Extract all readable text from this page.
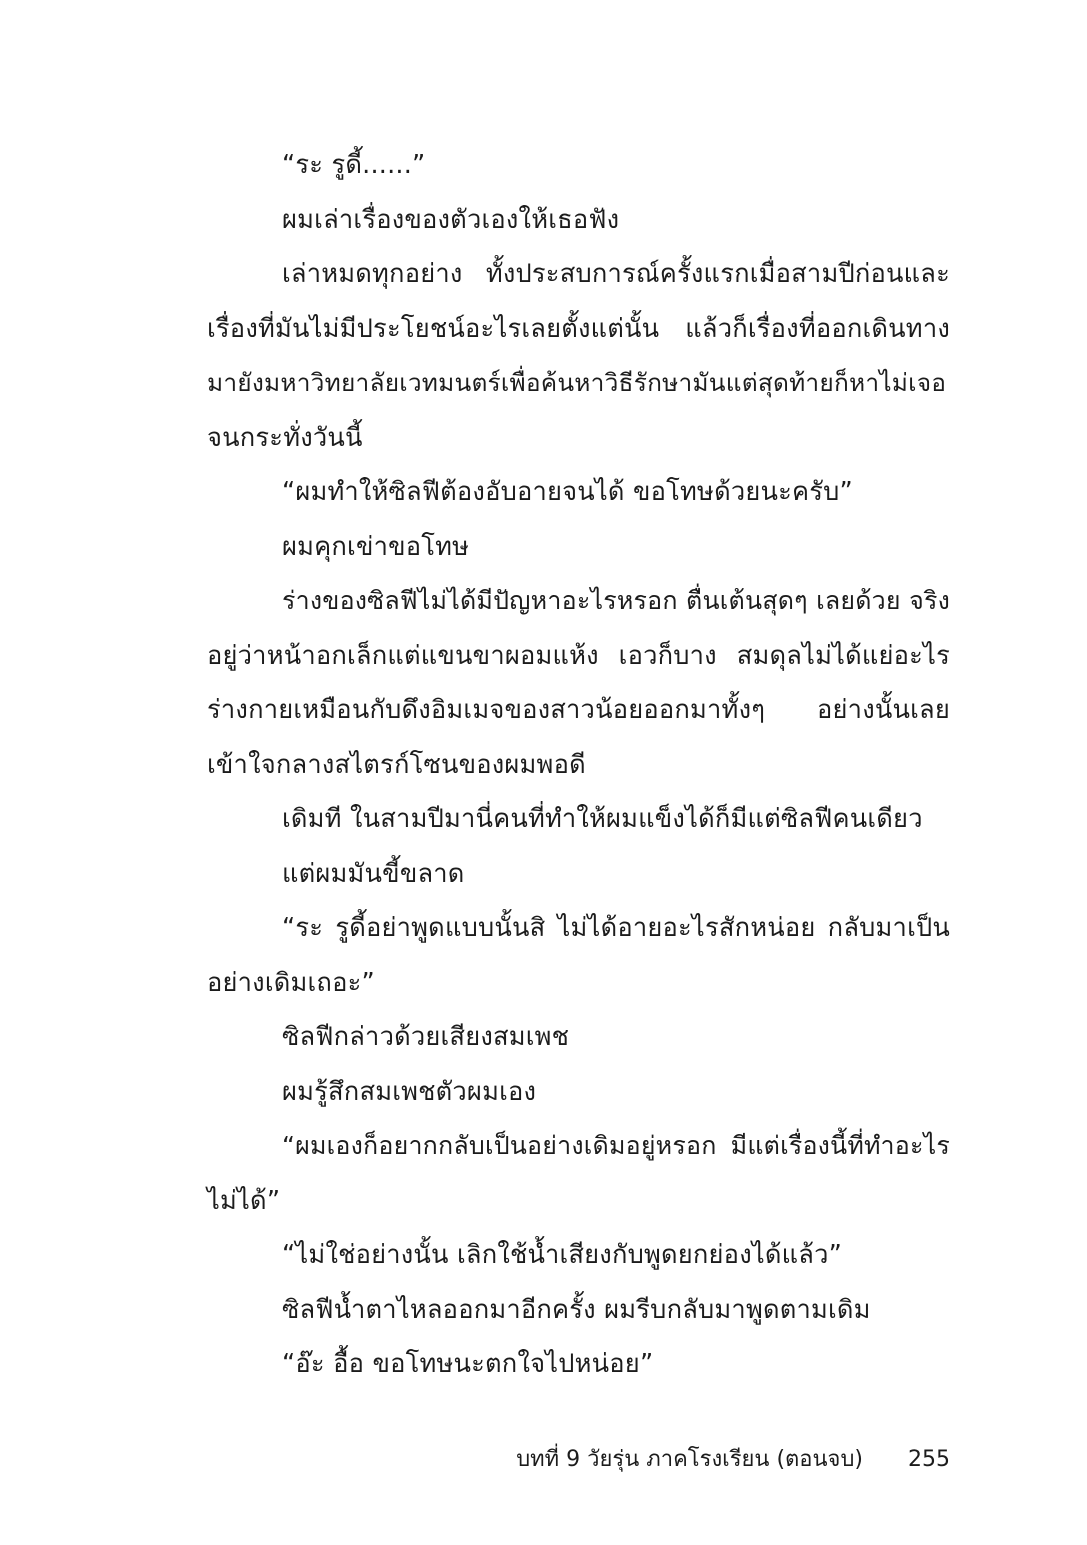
“ระ รูดี้......”
ผมเล่าเรื่องของตัวเองให้เธอฟัง
เล่าหมดทุกอย่าง ทั้งประสบการณ์ครั้งแรกเมื่อสามปีก่อนและ
เรื่องที่มันไม่มีประโยชน์อะไรเลยตั้งแต่นั้น แล้วก็เรื่องที่ออกเดินทาง
มายังมหาวิทยาลัยเวทมนตร์เพื่อค้นหาวิธีรักษามันแต่สุดท้ายก็หาไม่เจอ
จนกระทั่งวันนี้
“ผมทำให้ซิลฟีต้องอับอายจนได้ ขอโทษด้วยนะครับ”
ผมคุกเข่าขอโทษ
ร่างของซิลฟีไม่ได้มีปัญหาอะไรหรอก ตื่นเต้นสุดๆ เลยด้วย จริง
อยู่ว่าหน้าอกเล็กแต่แขนขาผอมแห้ง เอวก็บาง สมดุลไม่ได้แย่อะไร
ร่างกายเหมือนกับดึงอิมเมจของสาวน้อยออกมาทั้งๆ อย่างนั้นเลย
เข้าใจกลางสไตรก์โซนของผมพอดี
เดิมที ในสามปีมานี่คนที่ทำให้ผมแข็งได้ก็มีแต่ซิลฟีคนเดียว
แต่ผมมันขี้ขลาด
“ระ รูดี้อย่าพูดแบบนั้นสิ ไม่ได้อายอะไรสักหน่อย กลับมาเป็น
อย่างเดิมเถอะ”
ซิลฟีกล่าวด้วยเสียงสมเพช
ผมรู้สึกสมเพชตัวผมเอง
“ผมเองก็อยากกลับเป็นอย่างเดิมอยู่หรอก มีแต่เรื่องนี้ที่ทำอะไร
ไม่ได้”
“ไม่ใช่อย่างนั้น เลิกใช้น้ำเสียงกับพูดยกย่องได้แล้ว”
ซิลฟีน้ำตาไหลออกมาอีกครั้ง ผมรีบกลับมาพูดตามเดิม
“อ๊ะ อื้อ ขอโทษนะตกใจไปหน่อย”
บทที่ 9 วัยรุ่น ภาคโรงเรียน (ตอนจบ) 255
